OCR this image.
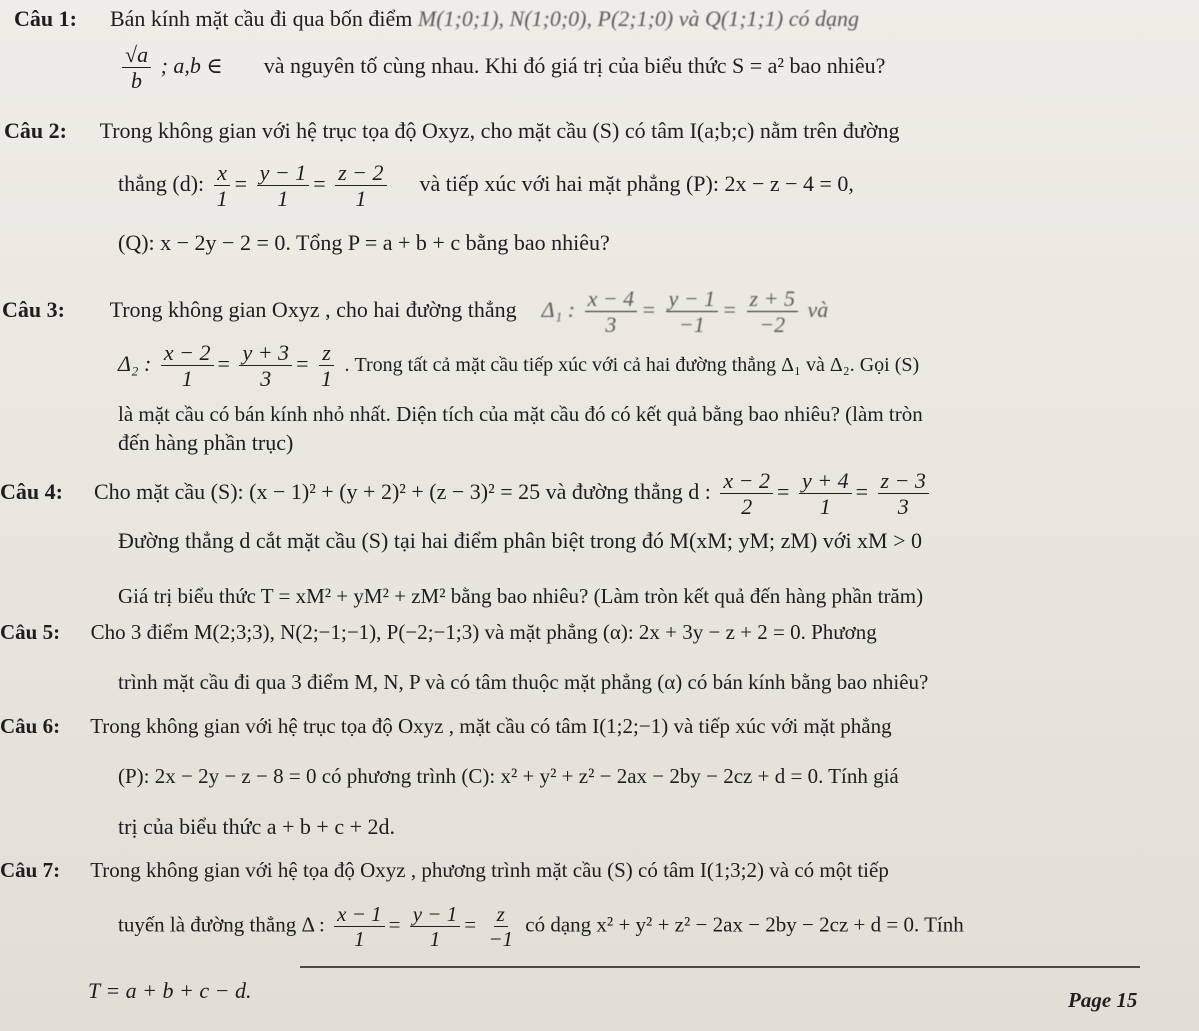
Câu 1: Bán kính mặt cầu đi qua bốn điểm M(1;0;1), N(1;0;0), P(2;1;0) và Q(1;1;1) có dạng
$\frac{√a}{b}$ ; a,b ∈ và nguyên tố cùng nhau. Khi đó giá trị của biểu thức S = a² bao nhiêu?
Câu 2: Trong không gian với hệ trục tọa độ Oxyz, cho mặt cầu (S) có tâm I(a;b;c) nằm trên đường
thẳng (d): $\frac{x}{1} = \frac{y - 1}{1} = \frac{z - 2}{1}$ và tiếp xúc với hai mặt phẳng (P): 2x − z − 4 = 0,
(Q): x − 2y − 2 = 0. Tổng P = a + b + c bằng bao nhiêu?
Câu 3: Trong không gian Oxyz , cho hai đường thẳng Δ₁ : $\frac{x - 4}{3} = \frac{y - 1}{-1} = \frac{z + 5}{-2}$ và
Δ₂ : $\frac{x - 2}{1} = \frac{y + 3}{3} = \frac{z}{1}$ . Trong tất cả mặt cầu tiếp xúc với cả hai đường thẳng Δ₁ và Δ₂. Gọi (S)
là mặt cầu có bán kính nhỏ nhất. Diện tích của mặt cầu đó có kết quả bằng bao nhiêu? (làm tròn
đến hàng phần trục)
Câu 4: Cho mặt cầu (S): (x − 1)² + (y + 2)² + (z − 3)² = 25 và đường thẳng d : $\frac{x - 2}{2} = \frac{y + 4}{1} = \frac{z - 3}{3}$
Đường thẳng d cắt mặt cầu (S) tại hai điểm phân biệt trong đó M(xM; yM; zM) với xM > 0
Giá trị biểu thức T = xM² + yM² + zM² bằng bao nhiêu? (Làm tròn kết quả đến hàng phần trăm)
Câu 5: Cho 3 điểm M(2;3;3), N(2;−1;−1), P(−2;−1;3) và mặt phẳng (α): 2x + 3y − z + 2 = 0. Phương
trình mặt cầu đi qua 3 điểm M, N, P và có tâm thuộc mặt phẳng (α) có bán kính bằng bao nhiêu?
Câu 6: Trong không gian với hệ trục tọa độ Oxyz , mặt cầu có tâm I(1;2;−1) và tiếp xúc với mặt phẳng
(P): 2x − 2y − z − 8 = 0 có phương trình (C): x² + y² + z² − 2ax − 2by − 2cz + d = 0. Tính giá
trị của biểu thức a + b + c + 2d.
Câu 7: Trong không gian với hệ tọa độ Oxyz , phương trình mặt cầu (S) có tâm I(1;3;2) và có một tiếp
tuyến là đường thẳng Δ : $\frac{x - 1}{1} = \frac{y - 1}{1} = \frac{z}{-1}$ có dạng x² + y² + z² − 2ax − 2by − 2cz + d = 0. Tính
T = a + b + c − d.	Page 15
